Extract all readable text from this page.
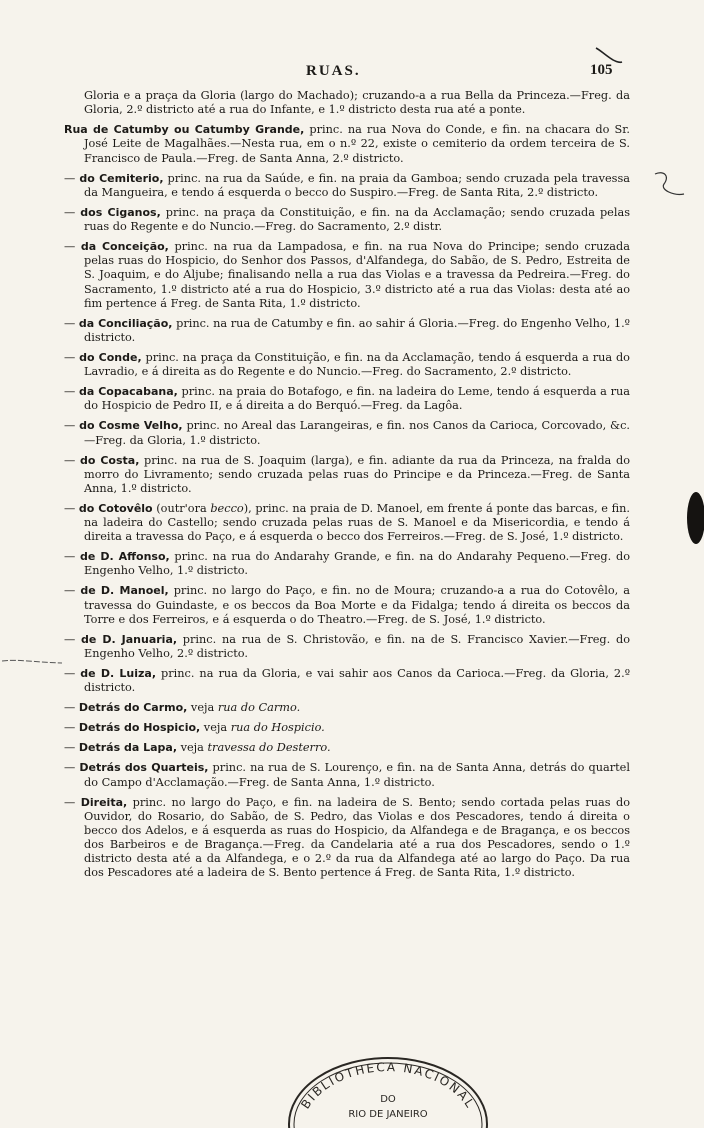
RUAS.	105

Gloria e a praça da Gloria (largo do Machado); cruzando-a a rua Bella da Princeza.—Freg. da Gloria, 2.º districto até a rua do Infante, e 1.º districto desta rua até a ponte.

Rua de Catumby ou Catumby Grande, princ. na rua Nova do Conde, e fin. na chacara do Sr. José Leite de Magalhães.—Nesta rua, em o n.º 22, existe o cemiterio da ordem terceira de S. Francisco de Paula.—Freg. de Santa Anna, 2.º districto.

— do Cemiterio, princ. na rua da Saúde, e fin. na praia da Gamboa; sendo cruzada pela travessa da Mangueira, e tendo á esquerda o becco do Suspiro.—Freg. de Santa Rita, 2.º districto.

— dos Ciganos, princ. na praça da Constituição, e fin. na da Acclamação; sendo cruzada pelas ruas do Regente e do Nuncio.—Freg. do Sacramento, 2.º distr.

— da Conceição, princ. na rua da Lampadosa, e fin. na rua Nova do Principe; sendo cruzada pelas ruas do Hospicio, do Senhor dos Passos, d'Alfandega, do Sabão, de S. Pedro, Estreita de S. Joaquim, e do Aljube; finalisando nella a rua das Violas e a travessa da Pedreira.—Freg. do Sacramento, 1.º districto até a rua do Hospicio, 3.º districto até a rua das Violas: desta até ao fim pertence á Freg. de Santa Rita, 1.º districto.

— da Conciliação, princ. na rua de Catumby e fin. ao sahir á Gloria.—Freg. do Engenho Velho, 1.º districto.

— do Conde, princ. na praça da Constituição, e fin. na da Acclamação, tendo á esquerda a rua do Lavradio, e á direita as do Regente e do Nuncio.—Freg. do Sacramento, 2.º districto.

— da Copacabana, princ. na praia do Botafogo, e fin. na ladeira do Leme, tendo á esquerda a rua do Hospicio de Pedro II, e á direita a do Berquó.—Freg. da Lagôa.

— do Cosme Velho, princ. no Areal das Larangeiras, e fin. nos Canos da Carioca, Corcovado, &c.—Freg. da Gloria, 1.º districto.

— do Costa, princ. na rua de S. Joaquim (larga), e fin. adiante da rua da Princeza, na fralda do morro do Livramento; sendo cruzada pelas ruas do Principe e da Princeza.—Freg. de Santa Anna, 1.º districto.

— do Cotovêlo (outr'ora becco), princ. na praia de D. Manoel, em frente á ponte das barcas, e fin. na ladeira do Castello; sendo cruzada pelas ruas de S. Manoel e da Misericordia, e tendo á direita a travessa do Paço, e á esquerda o becco dos Ferreiros.—Freg. de S. José, 1.º districto.

— de D. Affonso, princ. na rua do Andarahy Grande, e fin. na do Andarahy Pequeno.—Freg. do Engenho Velho, 1.º districto.

— de D. Manoel, princ. no largo do Paço, e fin. no de Moura; cruzando-a a rua do Cotovêlo, a travessa do Guindaste, e os beccos da Boa Morte e da Fidalga; tendo á direita os beccos da Torre e dos Ferreiros, e á esquerda o do Theatro.—Freg. de S. José, 1.º districto.

— de D. Januaria, princ. na rua de S. Christovão, e fin. na de S. Francisco Xavier.—Freg. do Engenho Velho, 2.º districto.

— de D. Luiza, princ. na rua da Gloria, e vai sahir aos Canos da Carioca.—Freg. da Gloria, 2.º districto.

— Detrás do Carmo, veja rua do Carmo.

— Detrás do Hospicio, veja rua do Hospicio.

— Detrás da Lapa, veja travessa do Desterro.

— Detrás dos Quarteis, princ. na rua de S. Lourenço, e fin. na de Santa Anna, detrás do quartel do Campo d'Acclamação.—Freg. de Santa Anna, 1.º districto.

— Direita, princ. no largo do Paço, e fin. na ladeira de S. Bento; sendo cortada pelas ruas do Ouvidor, do Rosario, do Sabão, de S. Pedro, das Violas e dos Pescadores, tendo á direita o becco dos Adelos, e á esquerda as ruas do Hospicio, da Alfandega e de Bragança, e os beccos dos Barbeiros e de Bragança.—Freg. da Candelaria até a rua dos Pescadores, sendo o 1.º districto desta até a da Alfandega, e o 2.º da rua da Alfandega até ao largo do Paço. Da rua dos Pescadores até a ladeira de S. Bento pertence á Freg. de Santa Rita, 1.º districto.

BIBLIOTHECA NACIONAL
DO
RIO DE JANEIRO
